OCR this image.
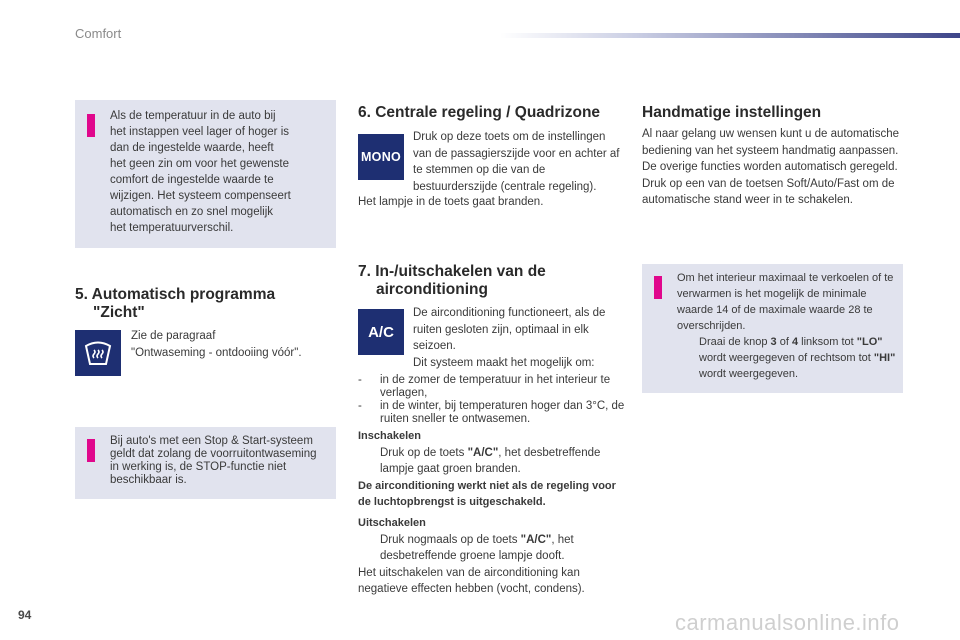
Comfort

Als de temperatuur in de auto bij het instappen veel lager of hoger is dan de ingestelde waarde, heeft het geen zin om voor het gewenste comfort de ingestelde waarde te wijzigen. Het systeem compenseert automatisch en zo snel mogelijk het temperatuurverschil.

5. Automatisch programma
"Zicht"
Zie de paragraaf
"Ontwaseming - ontdooiing vóór".

Bij auto's met een Stop & Start-systeem geldt dat zolang de voorruitontwaseming in werking is, de STOP-functie niet beschikbaar is.

6. Centrale regeling / Quadrizone
MONO

Druk op deze toets om de instellingen van de passagierszijde voor en achter af te stemmen op die van de bestuurderszijde (centrale regeling).

Het lampje in de toets gaat branden.

7. In-/uitschakelen van de
airconditioning
A/C

De airconditioning functioneert, als de ruiten gesloten zijn, optimaal in elk seizoen.

Dit systeem maakt het mogelijk om:

-	in de zomer de temperatuur in het interieur te verlagen,
-	in de winter, bij temperaturen hoger dan 3°C, de ruiten sneller te ontwasemen.
Inschakelen
Druk op de toets "A/C", het desbetreffende lampje gaat groen branden.
De airconditioning werkt niet als de regeling voor de luchtopbrengst is uitgeschakeld.
Uitschakelen
Druk nogmaals op de toets "A/C", het desbetreffende groene lampje dooft.

Het uitschakelen van de airconditioning kan negatieve effecten hebben (vocht, condens).

Handmatige instellingen

Al naar gelang uw wensen kunt u de automatische bediening van het systeem handmatig aanpassen. De overige functies worden automatisch geregeld.

Druk op een van de toetsen Soft/Auto/Fast om de automatische stand weer in te schakelen.

Om het interieur maximaal te verkoelen of te verwarmen is het mogelijk de minimale waarde 14 of de maximale waarde 28 te overschrijden.

Draai de knop 3 of 4 linksom tot "LO" wordt weergegeven of rechtsom tot "HI" wordt weergegeven.
94	carmanualsonline.info
